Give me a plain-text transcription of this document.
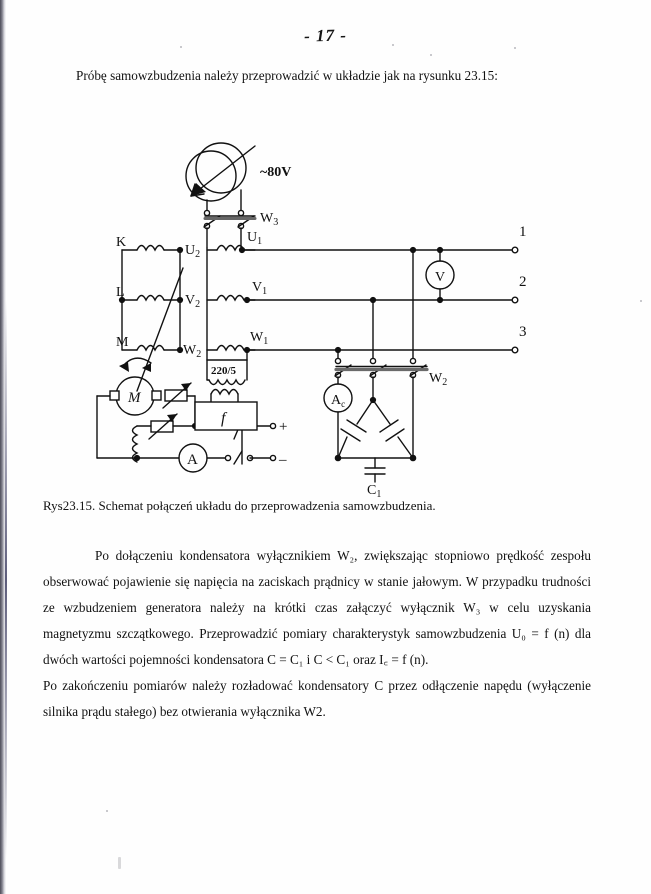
- 17 -
Próbę samowzbudzenia należy przeprowadzić w układzie jak na rysunku 23.15:
~80V
$W_3$
K
L
M
$U_2$
$U_1$
$V_2$
$V_1$
$W_2$
$W_1$
220/5
f
M
A
$A_c$
V
$C_1$
$W_2$
1
2
3
+
–
Rys23.15. Schemat połączeń układu do przeprowadzenia samowzbudzenia.

Po dołączeniu kondensatora wyłącznikiem W₂, zwiększając stopniowo prędkość zespołu obserwować pojawienie się napięcia na zaciskach prądnicy w stanie jałowym. W przypadku trudności ze wzbudzeniem generatora należy na krótki czas załączyć wyłącznik W₃ w celu uzyskania magnetyzmu szczątkowego. Przeprowadzić pomiary charakterystyk samowzbudzenia U₀ = f (n) dla dwóch wartości pojemności kondensatora C = C₁ i C < C₁ oraz I꜀ = f (n).

Po zakończeniu pomiarów należy rozładować kondensatory C przez odłączenie napędu (wyłączenie silnika prądu stałego) bez otwierania wyłącznika W2.
